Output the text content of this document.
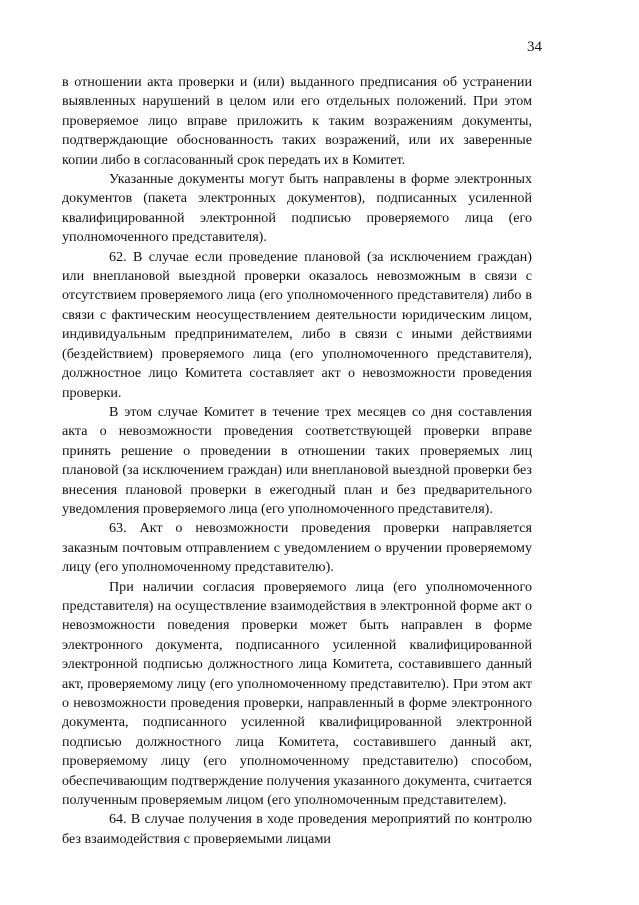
34

в отношении акта проверки и (или) выданного предписания об устранении выявленных нарушений в целом или его отдельных положений. При этом проверяемое лицо вправе приложить к таким возражениям документы, подтверждающие обоснованность таких возражений, или их заверенные копии либо в согласованный срок передать их в Комитет.

Указанные документы могут быть направлены в форме электронных документов (пакета электронных документов), подписанных усиленной квалифицированной электронной подписью проверяемого лица (его уполномоченного представителя).

62. В случае если проведение плановой (за исключением граждан) или внеплановой выездной проверки оказалось невозможным в связи с отсутствием проверяемого лица (его уполномоченного представителя) либо в связи с фактическим неосуществлением деятельности юридическим лицом, индивидуальным предпринимателем, либо в связи с иными действиями (бездействием) проверяемого лица (его уполномоченного представителя), должностное лицо Комитета составляет акт о невозможности проведения проверки.

В этом случае Комитет в течение трех месяцев со дня составления акта о невозможности проведения соответствующей проверки вправе принять решение о проведении в отношении таких проверяемых лиц плановой (за исключением граждан) или внеплановой выездной проверки без внесения плановой проверки в ежегодный план и без предварительного уведомления проверяемого лица (его уполномоченного представителя).

63. Акт о невозможности проведения проверки направляется заказным почтовым отправлением с уведомлением о вручении проверяемому лицу (его уполномоченному представителю).

При наличии согласия проверяемого лица (его уполномоченного представителя) на осуществление взаимодействия в электронной форме акт о невозможности поведения проверки может быть направлен в форме электронного документа, подписанного усиленной квалифицированной электронной подписью должностного лица Комитета, составившего данный акт, проверяемому лицу (его уполномоченному представителю). При этом акт о невозможности проведения проверки, направленный в форме электронного документа, подписанного усиленной квалифицированной электронной подписью должностного лица Комитета, составившего данный акт, проверяемому лицу (его уполномоченному представителю) способом, обеспечивающим подтверждение получения указанного документа, считается полученным проверяемым лицом (его уполномоченным представителем).

64. В случае получения в ходе проведения мероприятий по контролю без взаимодействия с проверяемыми лицами
